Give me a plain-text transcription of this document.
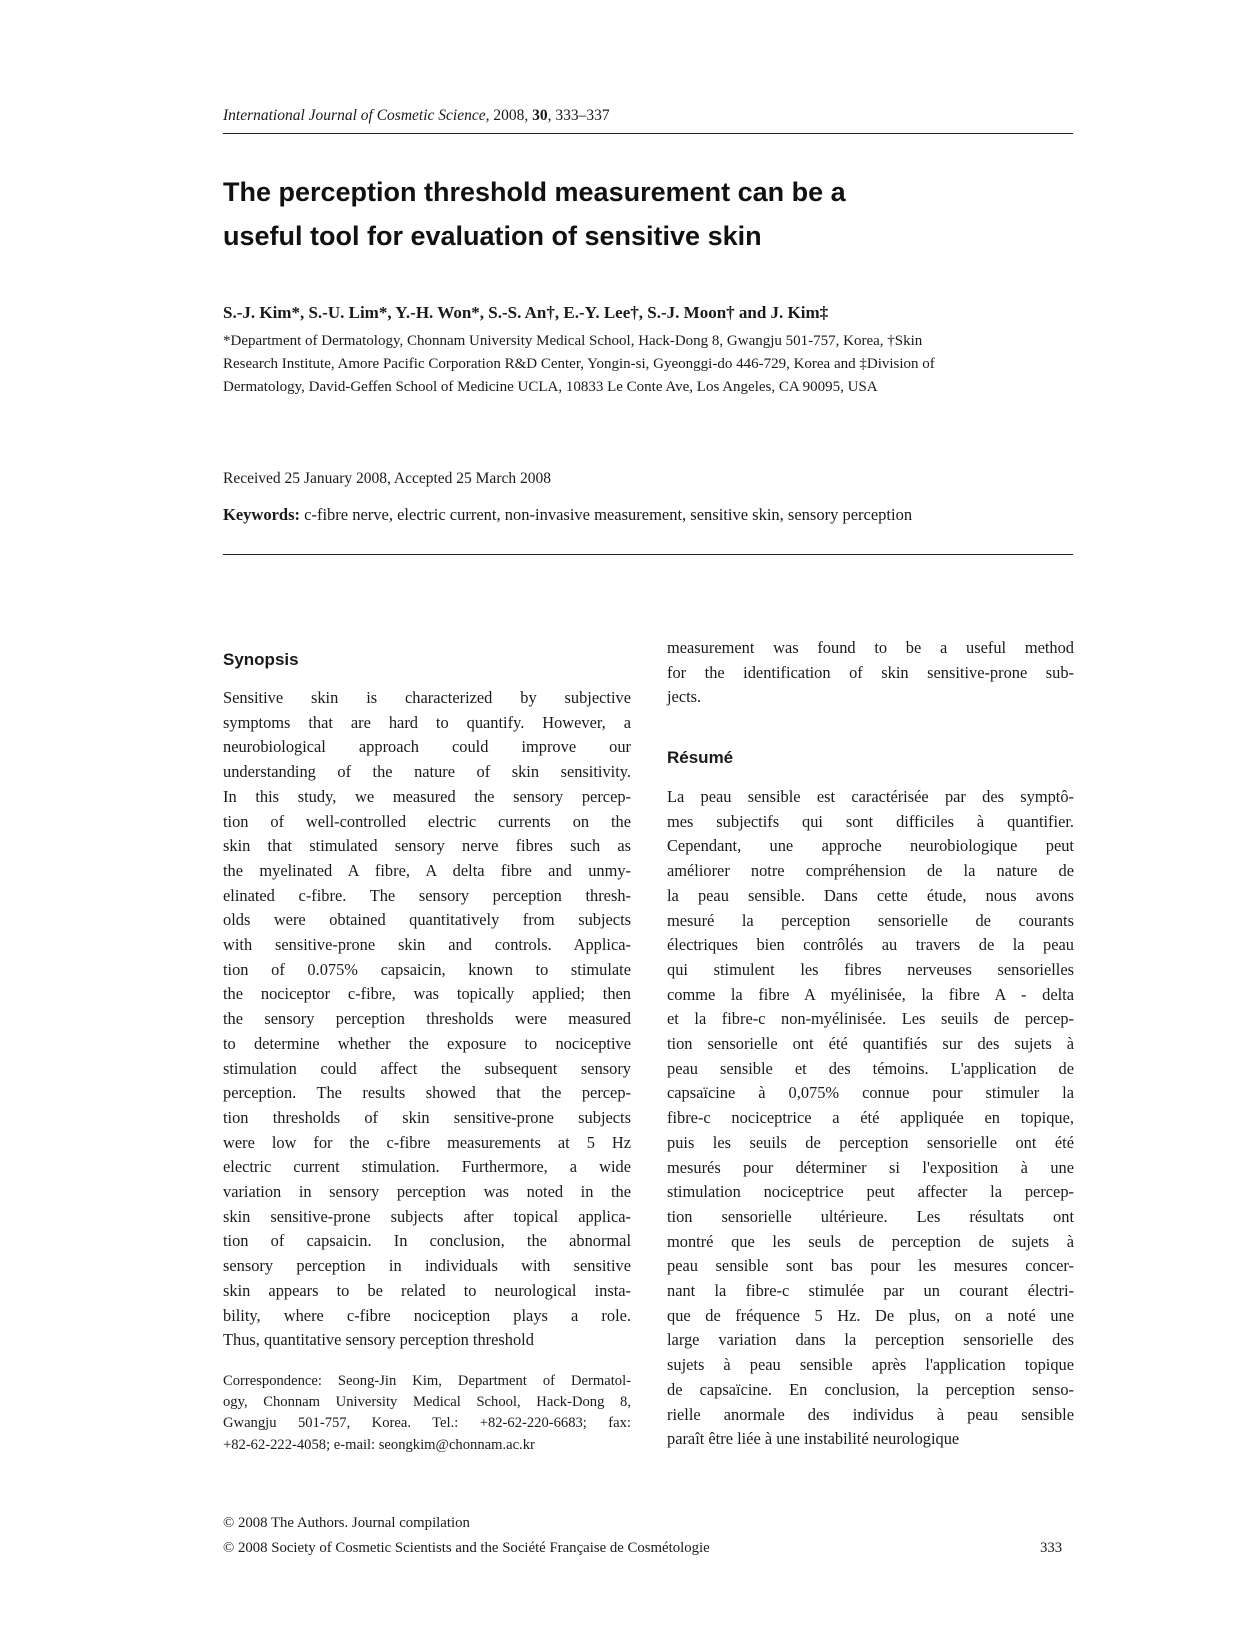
International Journal of Cosmetic Science, 2008, 30, 333–337
The perception threshold measurement can be a
useful tool for evaluation of sensitive skin
S.-J. Kim*, S.-U. Lim*, Y.-H. Won*, S.-S. An†, E.-Y. Lee†, S.-J. Moon† and J. Kim‡
*Department of Dermatology, Chonnam University Medical School, Hack-Dong 8, Gwangju 501-757, Korea, †Skin
Research Institute, Amore Pacific Corporation R&D Center, Yongin-si, Gyeonggi-do 446-729, Korea and ‡Division of
Dermatology, David-Geffen School of Medicine UCLA, 10833 Le Conte Ave, Los Angeles, CA 90095, USA
Received 25 January 2008, Accepted 25 March 2008
Keywords: c-fibre nerve, electric current, non-invasive measurement, sensitive skin, sensory perception
Synopsis
Sensitive skin is characterized by subjective
symptoms that are hard to quantify. However, a
neurobiological approach could improve our
understanding of the nature of skin sensitivity.
In this study, we measured the sensory percep-
tion of well-controlled electric currents on the
skin that stimulated sensory nerve fibres such as
the myelinated A fibre, A delta fibre and unmy-
elinated c-fibre. The sensory perception thresh-
olds were obtained quantitatively from subjects
with sensitive-prone skin and controls. Applica-
tion of 0.075% capsaicin, known to stimulate
the nociceptor c-fibre, was topically applied; then
the sensory perception thresholds were measured
to determine whether the exposure to nociceptive
stimulation could affect the subsequent sensory
perception. The results showed that the percep-
tion thresholds of skin sensitive-prone subjects
were low for the c-fibre measurements at 5 Hz
electric current stimulation. Furthermore, a wide
variation in sensory perception was noted in the
skin sensitive-prone subjects after topical applica-
tion of capsaicin. In conclusion, the abnormal
sensory perception in individuals with sensitive
skin appears to be related to neurological insta-
bility, where c-fibre nociception plays a role.
Thus, quantitative sensory perception threshold
Correspondence: Seong-Jin Kim, Department of Dermatol-
ogy, Chonnam University Medical School, Hack-Dong 8,
Gwangju 501-757, Korea. Tel.: +82-62-220-6683; fax:
+82-62-222-4058; e-mail: seongkim@chonnam.ac.kr
measurement was found to be a useful method
for the identification of skin sensitive-prone sub-
jects.
Résumé
La peau sensible est caractérisée par des symptô-
mes subjectifs qui sont difficiles à quantifier.
Cependant, une approche neurobiologique peut
améliorer notre compréhension de la nature de
la peau sensible. Dans cette étude, nous avons
mesuré la perception sensorielle de courants
électriques bien contrôlés au travers de la peau
qui stimulent les fibres nerveuses sensorielles
comme la fibre A myélinisée, la fibre A - delta
et la fibre-c non-myélinisée. Les seuils de percep-
tion sensorielle ont été quantifiés sur des sujets à
peau sensible et des témoins. L'application de
capsaïcine à 0,075% connue pour stimuler la
fibre-c nociceptrice a été appliquée en topique,
puis les seuils de perception sensorielle ont été
mesurés pour déterminer si l'exposition à une
stimulation nociceptrice peut affecter la percep-
tion sensorielle ultérieure. Les résultats ont
montré que les seuls de perception de sujets à
peau sensible sont bas pour les mesures concer-
nant la fibre-c stimulée par un courant électri-
que de fréquence 5 Hz. De plus, on a noté une
large variation dans la perception sensorielle des
sujets à peau sensible après l'application topique
de capsaïcine. En conclusion, la perception senso-
rielle anormale des individus à peau sensible
paraît être liée à une instabilité neurologique
© 2008 The Authors. Journal compilation
© 2008 Society of Cosmetic Scientists and the Société Française de Cosmétologie	333
